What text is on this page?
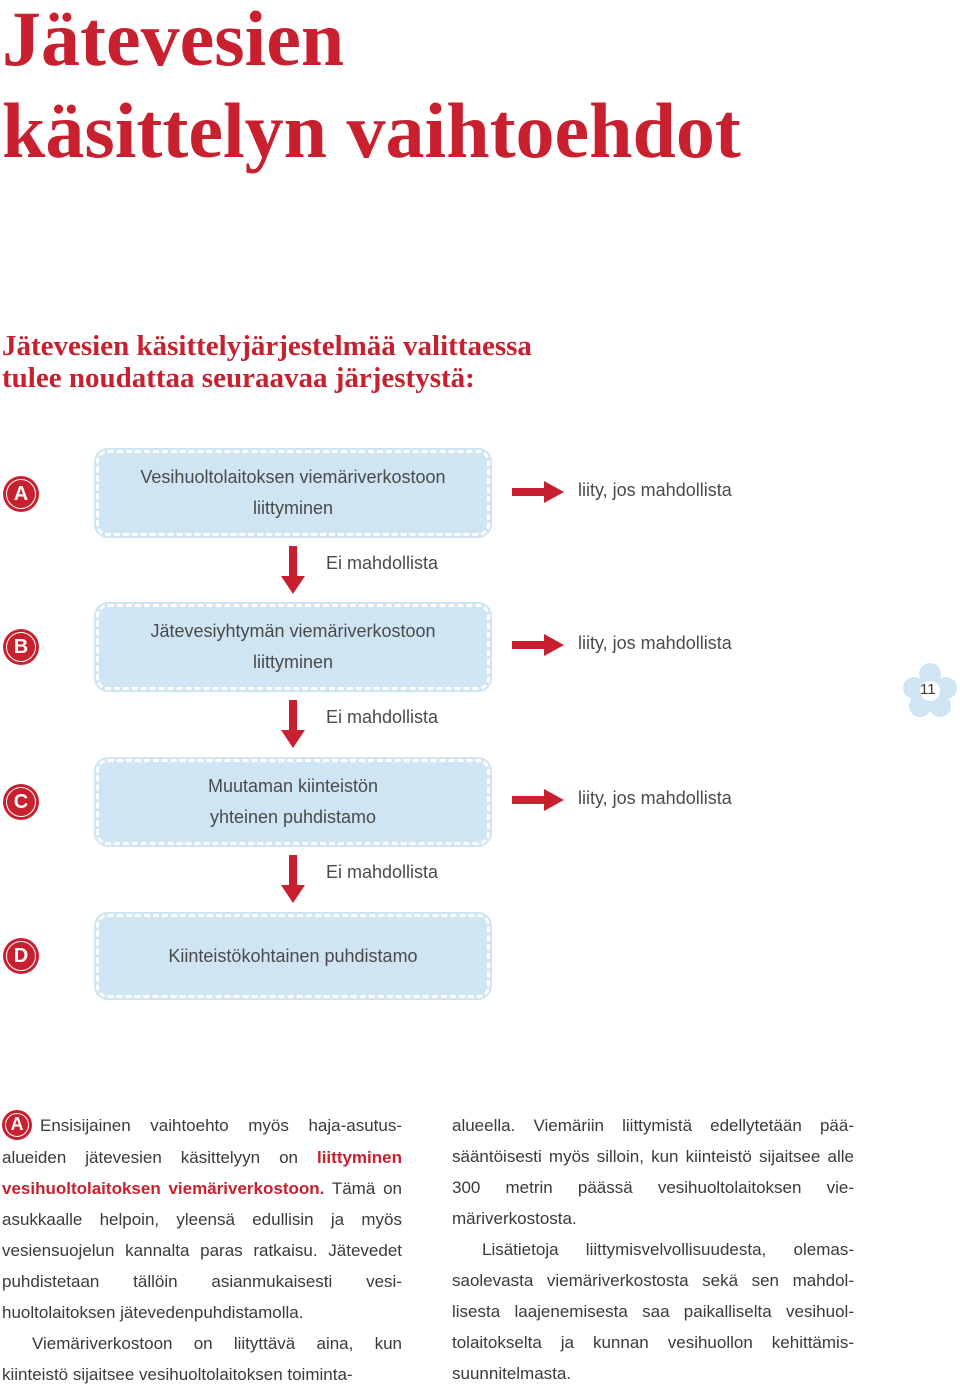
Jätevesien
käsittelyn vaihtoehdot
Jätevesien käsittelyjärjestelmää valittaessa
tulee noudattaa seuraavaa järjestystä:
A
Vesihuoltolaitoksen viemäriverkostoon
liittyminen
liity, jos mahdollista
Ei mahdollista
B
Jätevesiyhtymän viemäriverkostoon
liittyminen
liity, jos mahdollista
Ei mahdollista
C
Muutaman kiinteistön
yhteinen puhdistamo
liity, jos mahdollista
Ei mahdollista
D	Kiinteistökohtainen puhdistamo
11

A Ensisijainen vaihtoehto myös haja-asutusalueiden jätevesien käsittelyyn on liittyminen vesihuoltolaitoksen viemäriverkostoon. Tämä on asukkaalle helpoin, yleensä edullisin ja myös vesiensuojelun kannalta paras ratkaisu. Jätevedet puhdistetaan tällöin asianmukaisesti vesihuoltolaitoksen jätevedenpuhdistamolla.

Viemäriverkostoon on liityttävä aina, kun kiinteistö sijaitsee vesihuoltolaitoksen toiminta-

alueella. Viemäriin liittymistä edellytetään pääsääntöisesti myös silloin, kun kiinteistö sijaitsee alle 300 metrin päässä vesihuoltolaitoksen viemäriverkostosta.

Lisätietoja liittymisvelvollisuudesta, olemassaolevasta viemäriverkostosta sekä sen mahdollisesta laajenemisesta saa paikalliselta vesihuoltolaitokselta ja kunnan vesihuollon kehittämissuunnitelmasta.
